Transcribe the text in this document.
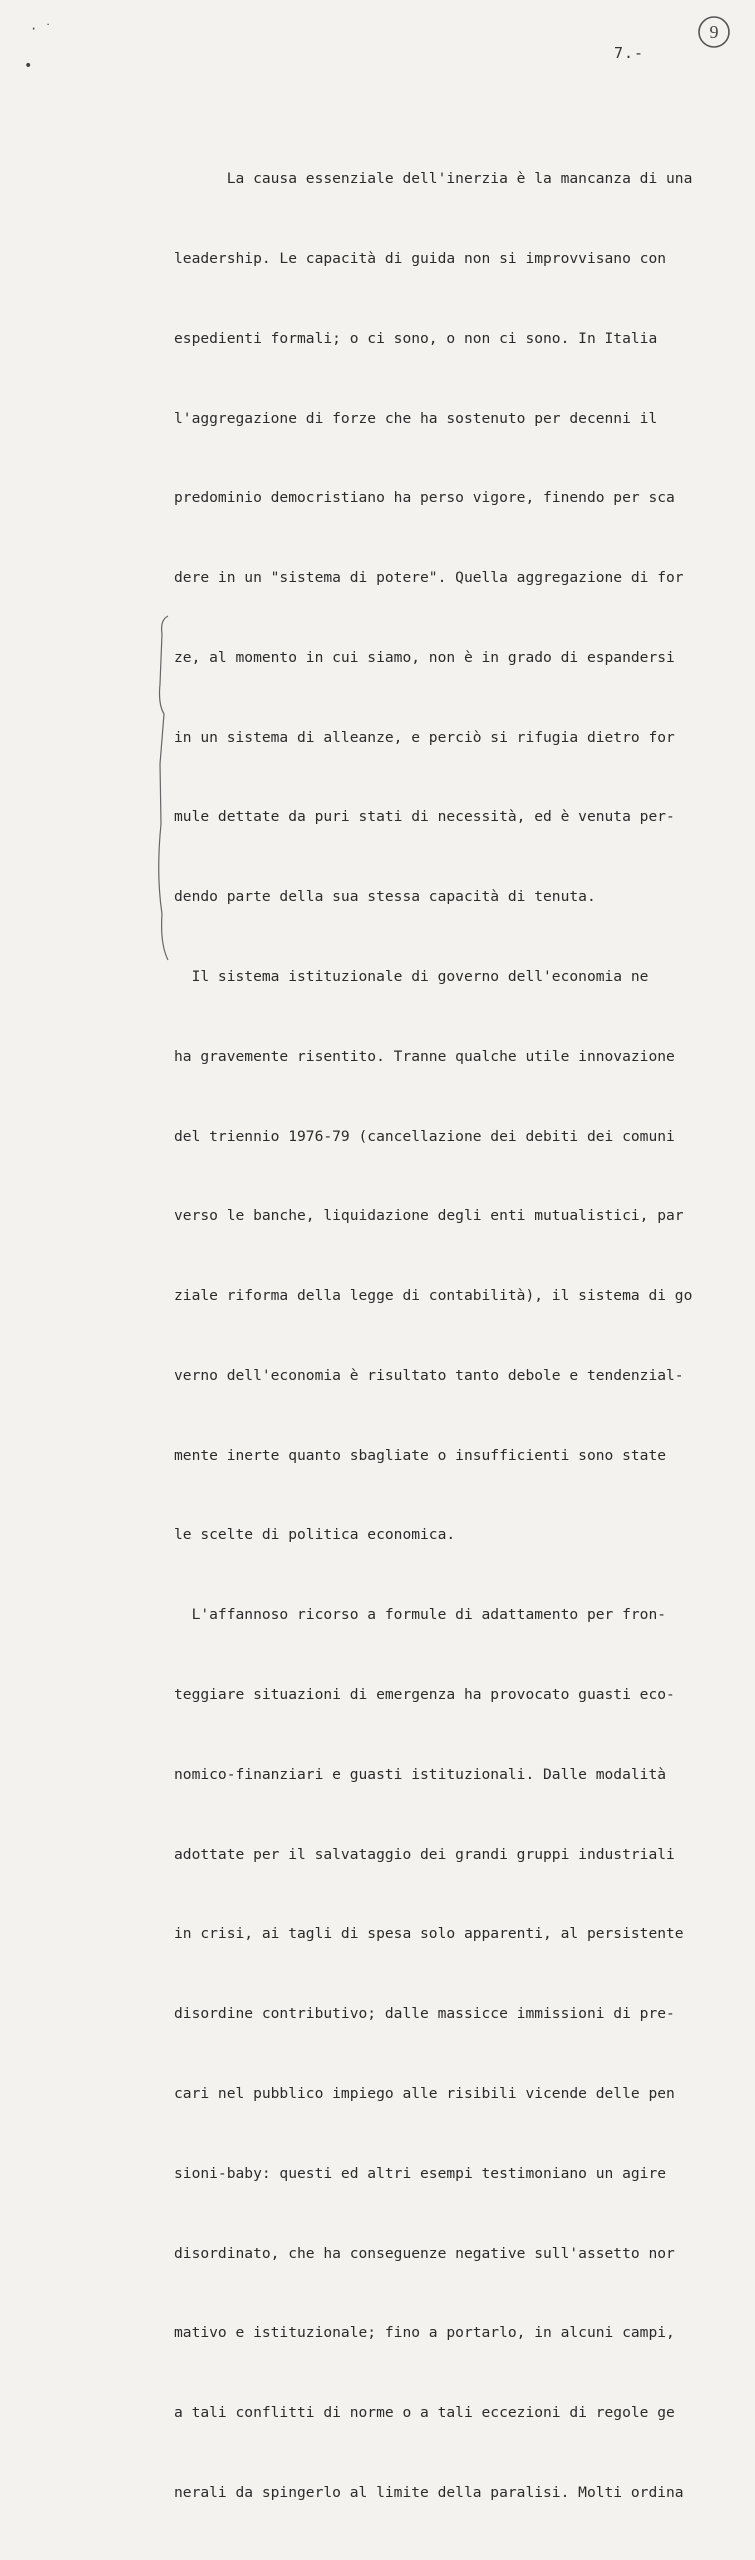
· ˙
•
7.-
9

La causa essenziale dell'inerzia è la mancanza di una

leadership. Le capacità di guida non si improvvisano con

espedienti formali; o ci sono, o non ci sono. In Italia

l'aggregazione di forze che ha sostenuto per decenni il

predominio democristiano ha perso vigore, finendo per sca

dere in un "sistema di potere". Quella aggregazione di for

ze, al momento in cui siamo, non è in grado di espandersi

in un sistema di alleanze, e perciò si rifugia dietro for

mule dettate da puri stati di necessità, ed è venuta per-

dendo parte della sua stessa capacità di tenuta.

Il sistema istituzionale di governo dell'economia ne

ha gravemente risentito. Tranne qualche utile innovazione

del triennio 1976-79 (cancellazione dei debiti dei comuni

verso le banche, liquidazione degli enti mutualistici, par

ziale riforma della legge di contabilità), il sistema di go

verno dell'economia è risultato tanto debole e tendenzial-

mente inerte quanto sbagliate o insufficienti sono state

le scelte di politica economica.

L'affannoso ricorso a formule di adattamento per fron-

teggiare situazioni di emergenza ha provocato guasti eco-

nomico-finanziari e guasti istituzionali. Dalle modalità

adottate per il salvataggio dei grandi gruppi industriali

in crisi, ai tagli di spesa solo apparenti, al persistente

disordine contributivo; dalle massicce immissioni di pre-

cari nel pubblico impiego alle risibili vicende delle pen

sioni-baby: questi ed altri esempi testimoniano un agire

disordinato, che ha conseguenze negative sull'assetto nor

mativo e istituzionale; fino a portarlo, in alcuni campi,

a tali conflitti di norme o a tali eccezioni di regole ge

nerali da spingerlo al limite della paralisi. Molti ordina
